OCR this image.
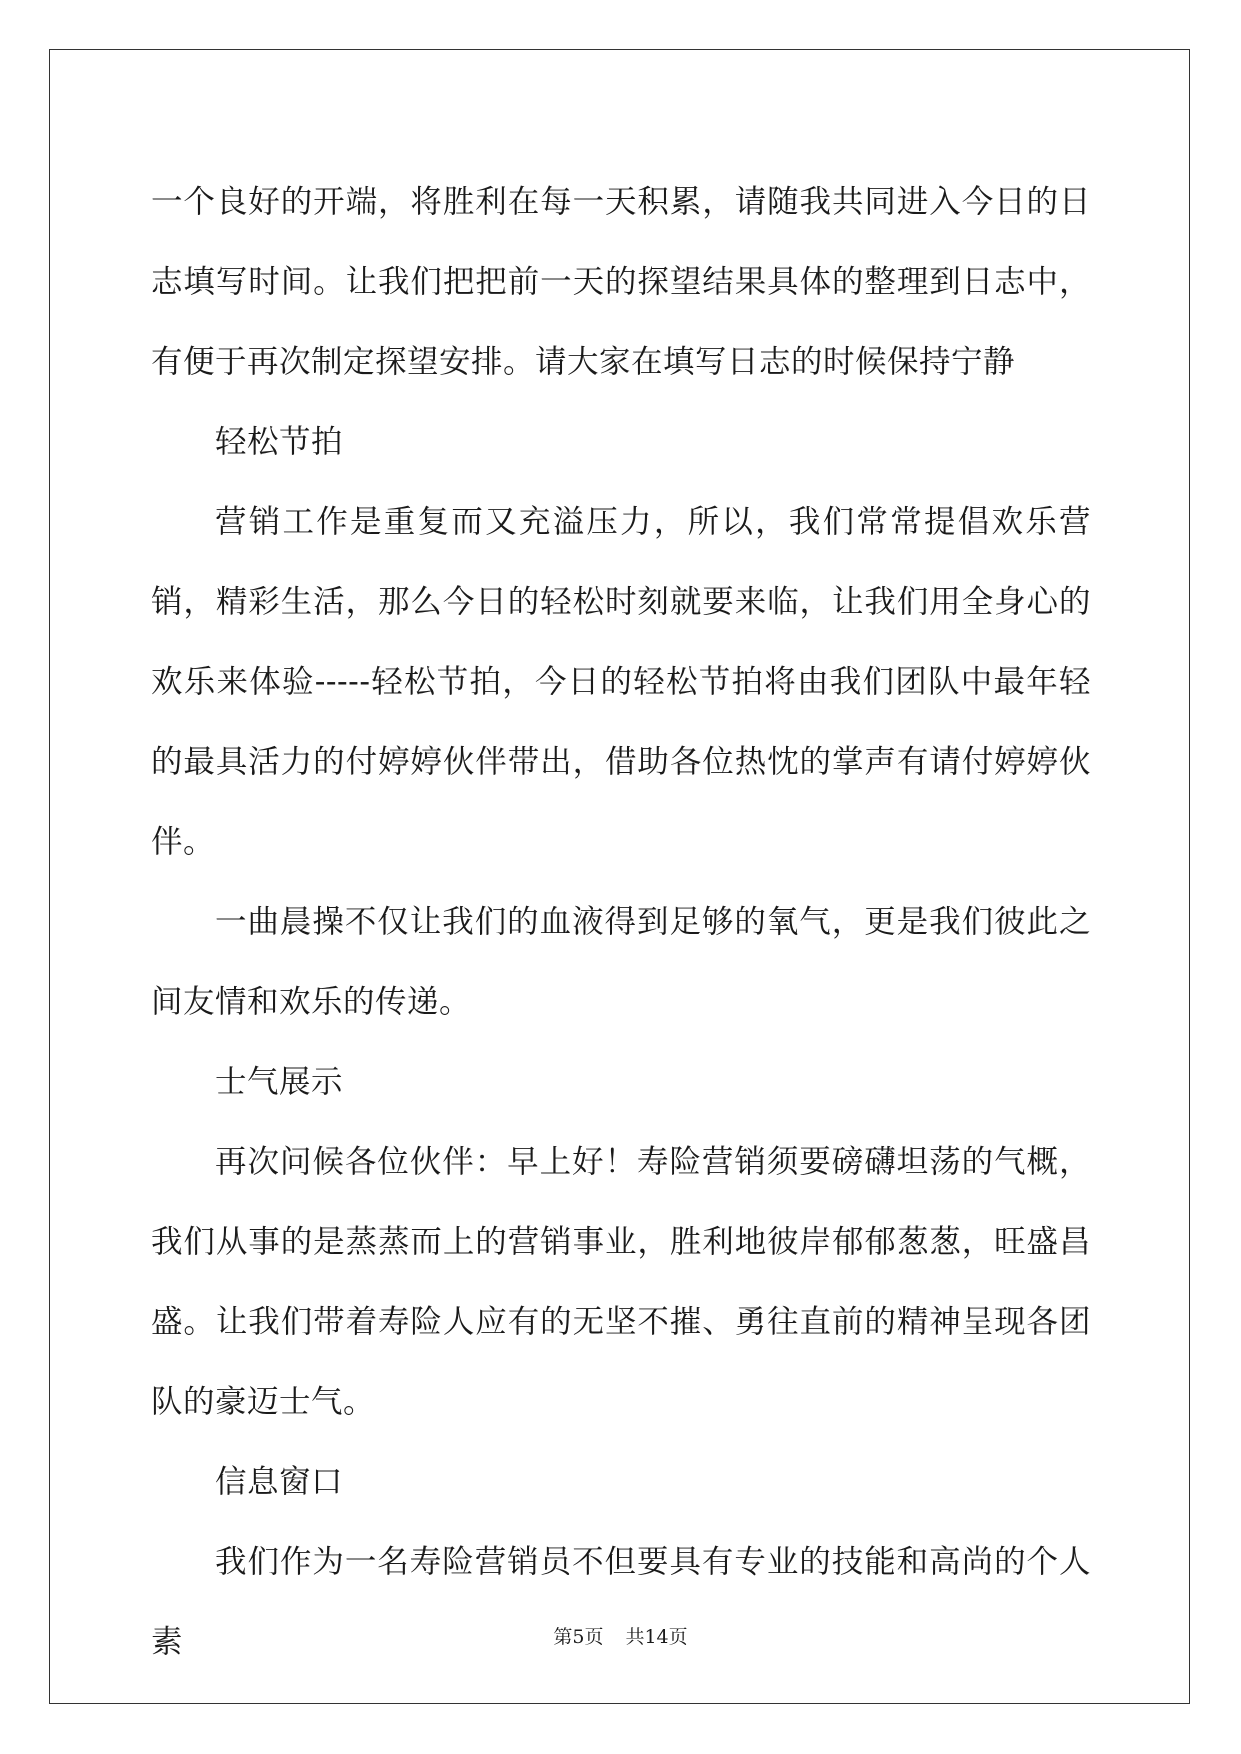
一个良好的开端，将胜利在每一天积累，请随我共同进入今日的日志填写时间。让我们把把前一天的探望结果具体的整理到日志中，有便于再次制定探望安排。请大家在填写日志的时候保持宁静

轻松节拍

营销工作是重复而又充溢压力，所以，我们常常提倡欢乐营销，精彩生活，那么今日的轻松时刻就要来临，让我们用全身心的欢乐来体验-----轻松节拍，今日的轻松节拍将由我们团队中最年轻的最具活力的付婷婷伙伴带出，借助各位热忱的掌声有请付婷婷伙伴。

一曲晨操不仅让我们的血液得到足够的氧气，更是我们彼此之间友情和欢乐的传递。

士气展示

再次问候各位伙伴：早上好！寿险营销须要磅礴坦荡的气概，我们从事的是蒸蒸而上的营销事业，胜利地彼岸郁郁葱葱，旺盛昌盛。让我们带着寿险人应有的无坚不摧、勇往直前的精神呈现各团队的豪迈士气。

信息窗口

我们作为一名寿险营销员不但要具有专业的技能和高尚的个人素	第5页 共14页
